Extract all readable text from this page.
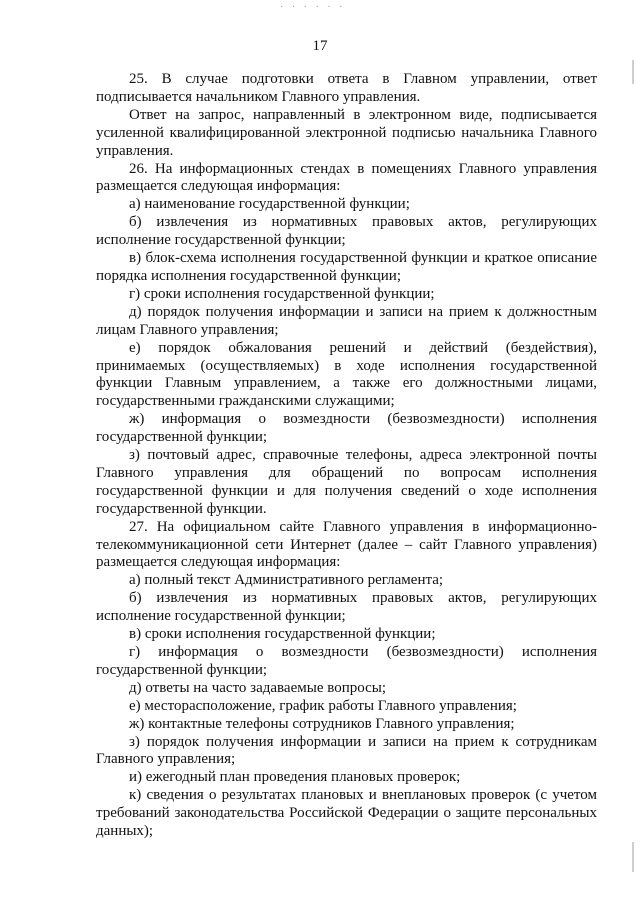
· · · · · ·
17

25. В случае подготовки ответа в Главном управлении, ответ подписывается начальником Главного управления.

Ответ на запрос, направленный в электронном виде, подписывается усиленной квалифицированной электронной подписью начальника Главного управления.

26. На информационных стендах в помещениях Главного управления размещается следующая информация:

а) наименование государственной функции;

б) извлечения из нормативных правовых актов, регулирующих исполнение государственной функции;

в) блок-схема исполнения государственной функции и краткое описание порядка исполнения государственной функции;

г) сроки исполнения государственной функции;

д) порядок получения информации и записи на прием к должностным лицам Главного управления;

е) порядок обжалования решений и действий (бездействия), принимаемых (осуществляемых) в ходе исполнения государственной функции Главным управлением, а также его должностными лицами, государственными гражданскими служащими;

ж) информация о возмездности (безвозмездности) исполнения государственной функции;

з) почтовый адрес, справочные телефоны, адреса электронной почты Главного управления для обращений по вопросам исполнения государственной функции и для получения сведений о ходе исполнения государственной функции.

27. На официальном сайте Главного управления в информационно-телекоммуникационной сети Интернет (далее – сайт Главного управления) размещается следующая информация:

а) полный текст Административного регламента;

б) извлечения из нормативных правовых актов, регулирующих исполнение государственной функции;

в) сроки исполнения государственной функции;

г) информация о возмездности (безвозмездности) исполнения государственной функции;

д) ответы на часто задаваемые вопросы;

е) месторасположение, график работы Главного управления;

ж) контактные телефоны сотрудников Главного управления;

з) порядок получения информации и записи на прием к сотрудникам Главного управления;

и) ежегодный план проведения плановых проверок;

к) сведения о результатах плановых и внеплановых проверок (с учетом требований законодательства Российской Федерации о защите персональных данных);
